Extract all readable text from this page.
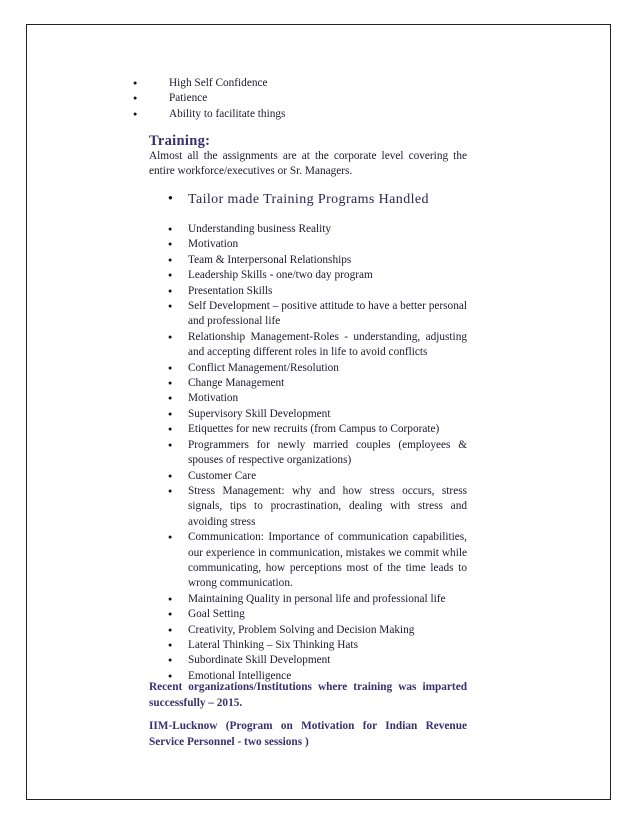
● High Self Confidence
● Patience
● Ability to facilitate things
Training:
Almost all the assignments are at the corporate level covering the entire workforce/executives or Sr. Managers.
● Tailor made Training Programs Handled
● Understanding business Reality
● Motivation
● Team & Interpersonal Relationships
● Leadership Skills - one/two day program
● Presentation Skills
● Self Development – positive attitude to have a better personal and professional life
● Relationship Management-Roles - understanding, adjusting and accepting different roles in life to avoid conflicts
● Conflict Management/Resolution
● Change Management
● Motivation
● Supervisory Skill Development
● Etiquettes for new recruits (from Campus to Corporate)
● Programmers for newly married couples (employees & spouses of respective organizations)
● Customer Care
● Stress Management: why and how stress occurs, stress signals, tips to procrastination, dealing with stress and avoiding stress
● Communication: Importance of communication capabilities, our experience in communication, mistakes we commit while communicating, how perceptions most of the time leads to wrong communication.
● Maintaining Quality in personal life and professional life
● Goal Setting
● Creativity, Problem Solving and Decision Making
● Lateral Thinking – Six Thinking Hats
● Subordinate Skill Development
● Emotional Intelligence
Recent organizations/Institutions where training was imparted successfully – 2015.
IIM-Lucknow (Program on Motivation for Indian Revenue Service Personnel - two sessions )
